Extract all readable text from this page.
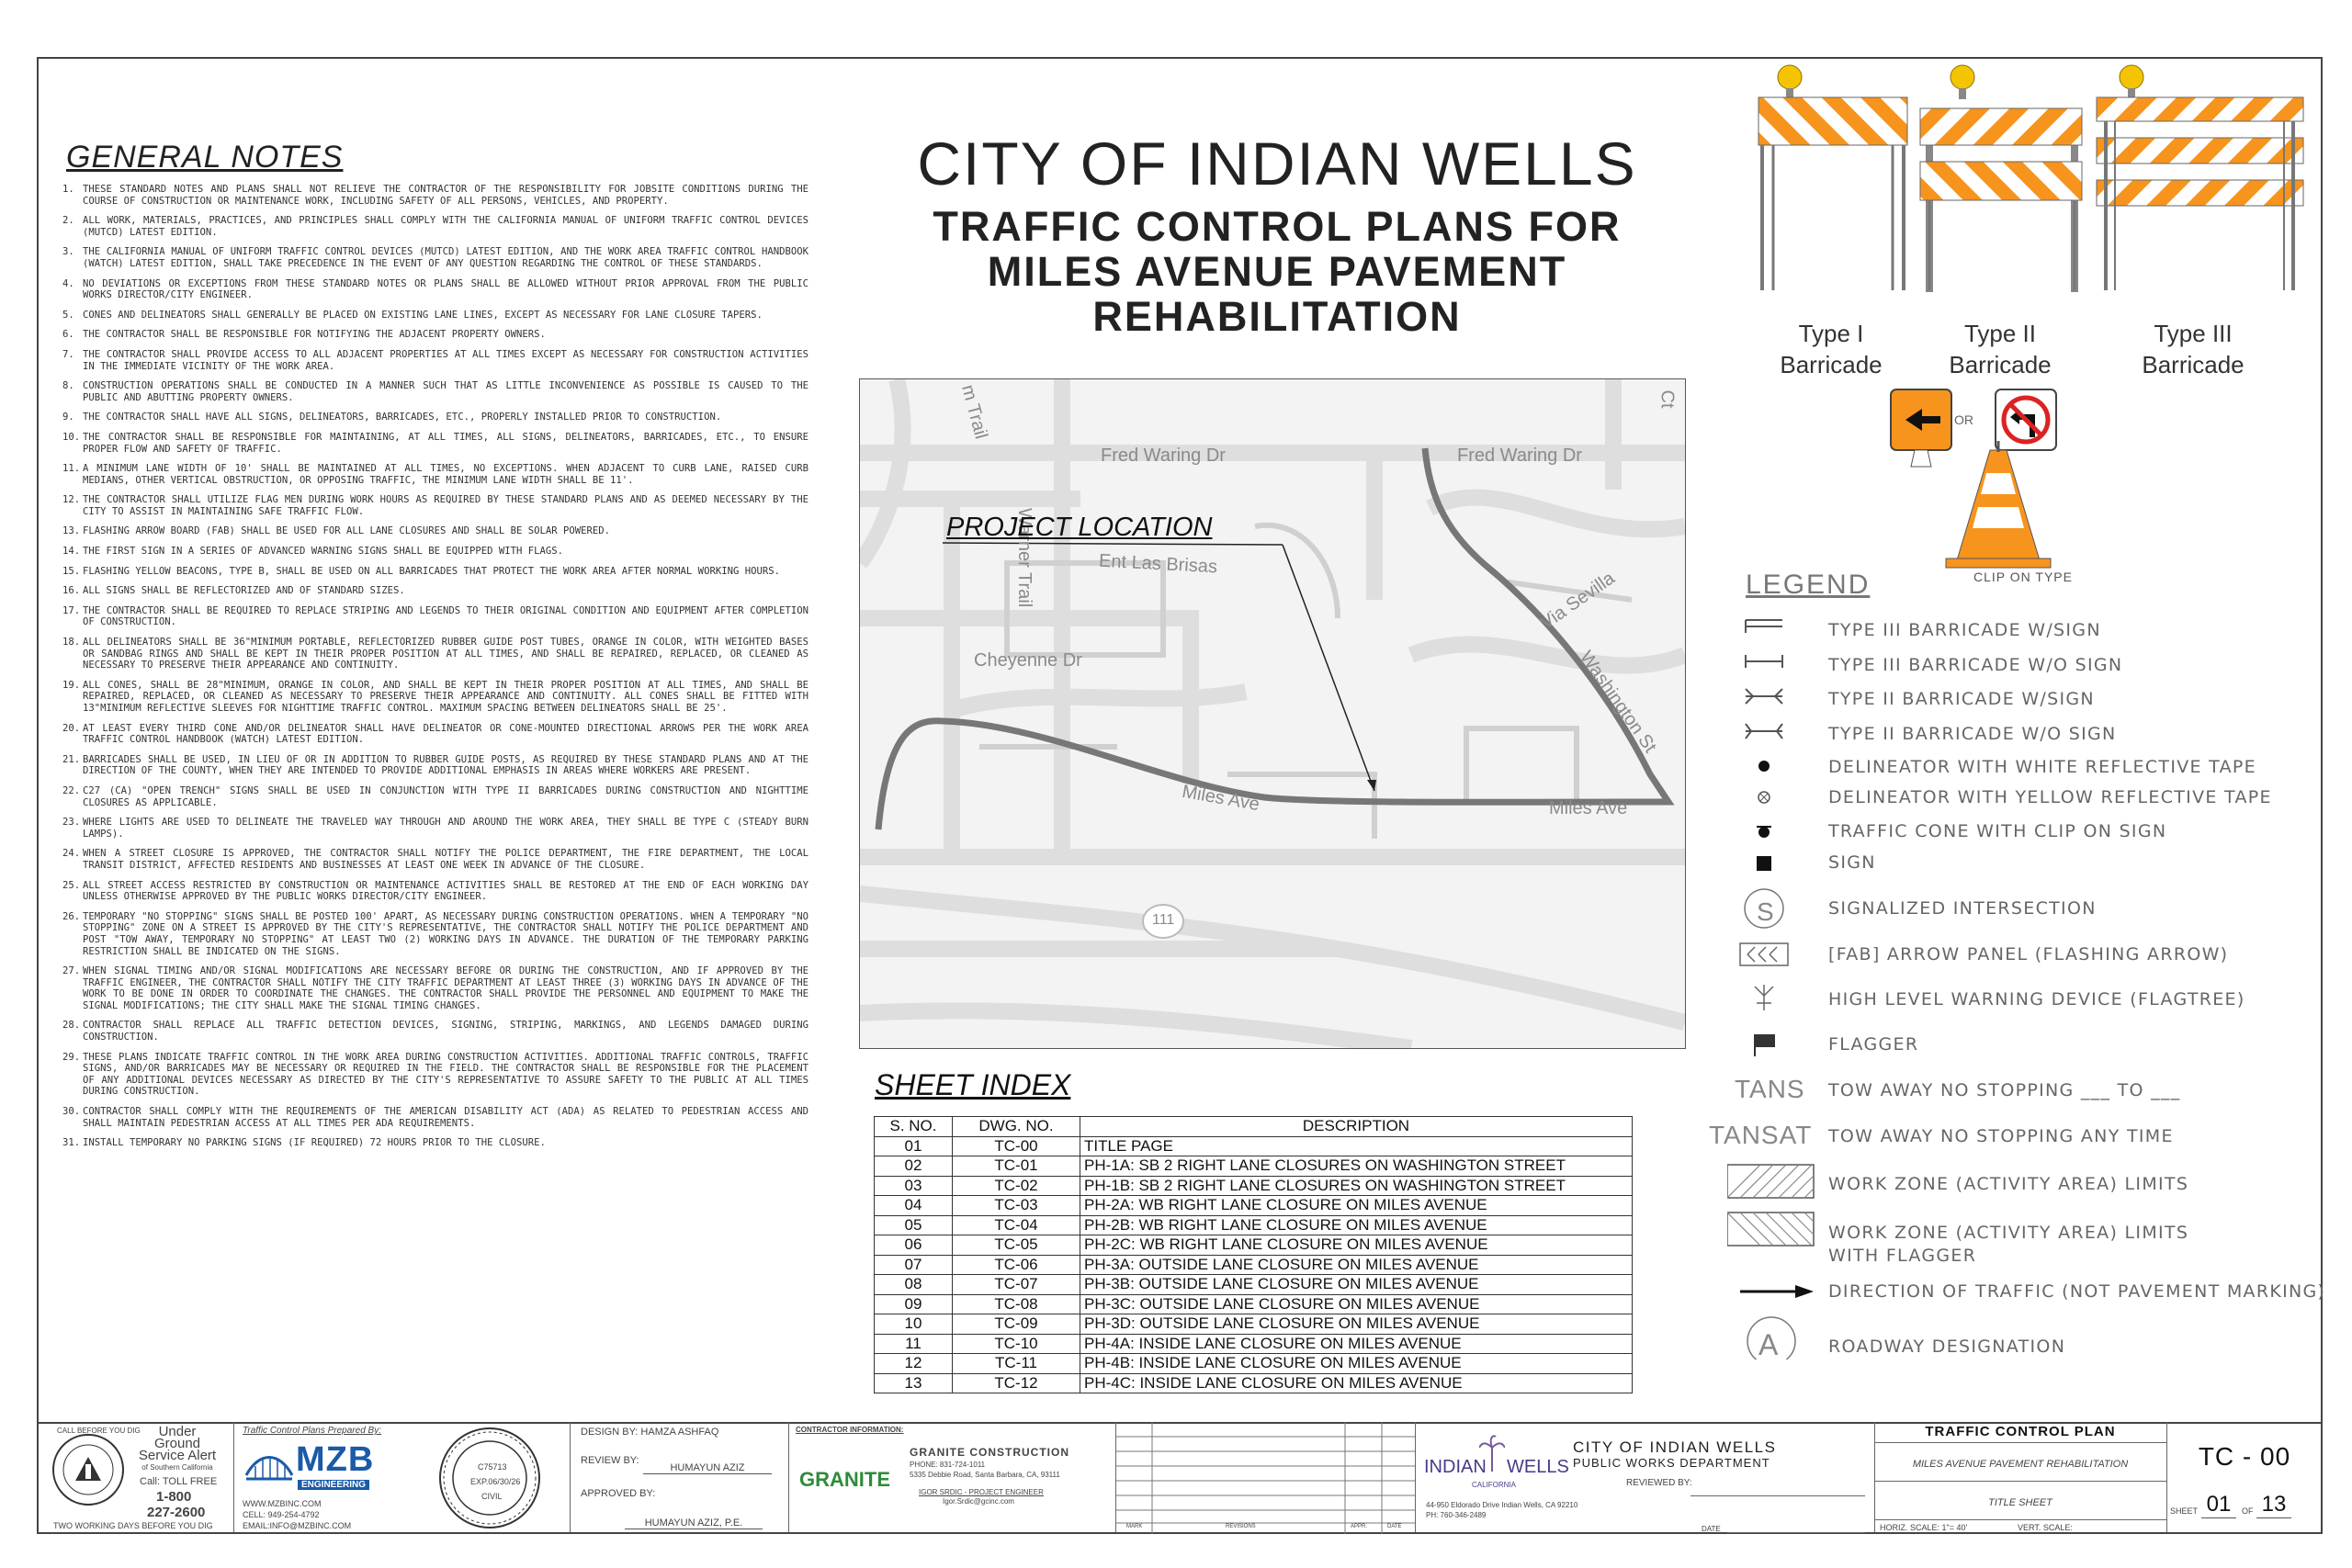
GENERAL NOTES
1. THESE STANDARD NOTES AND PLANS SHALL NOT RELIEVE THE CONTRACTOR OF THE RESPONSIBILITY FOR JOBSITE CONDITIONS DURING THE COURSE OF CONSTRUCTION OR MAINTENANCE WORK, INCLUDING SAFETY OF ALL PERSONS, VEHICLES, AND PROPERTY.
2. ALL WORK, MATERIALS, PRACTICES, AND PRINCIPLES SHALL COMPLY WITH THE CALIFORNIA MANUAL OF UNIFORM TRAFFIC CONTROL DEVICES (MUTCD) LATEST EDITION.
3. THE CALIFORNIA MANUAL OF UNIFORM TRAFFIC CONTROL DEVICES (MUTCD) LATEST EDITION, AND THE WORK AREA TRAFFIC CONTROL HANDBOOK (WATCH) LATEST EDITION, SHALL TAKE PRECEDENCE IN THE EVENT OF ANY QUESTION REGARDING THE CONTROL OF THESE STANDARDS.
4. NO DEVIATIONS OR EXCEPTIONS FROM THESE STANDARD NOTES OR PLANS SHALL BE ALLOWED WITHOUT PRIOR APPROVAL FROM THE PUBLIC WORKS DIRECTOR/CITY ENGINEER.
5. CONES AND DELINEATORS SHALL GENERALLY BE PLACED ON EXISTING LANE LINES, EXCEPT AS NECESSARY FOR LANE CLOSURE TAPERS.
6. THE CONTRACTOR SHALL BE RESPONSIBLE FOR NOTIFYING THE ADJACENT PROPERTY OWNERS.
7. THE CONTRACTOR SHALL PROVIDE ACCESS TO ALL ADJACENT PROPERTIES AT ALL TIMES EXCEPT AS NECESSARY FOR CONSTRUCTION ACTIVITIES IN THE IMMEDIATE VICINITY OF THE WORK AREA.
8. CONSTRUCTION OPERATIONS SHALL BE CONDUCTED IN A MANNER SUCH THAT AS LITTLE INCONVENIENCE AS POSSIBLE IS CAUSED TO THE PUBLIC AND ABUTTING PROPERTY OWNERS.
9. THE CONTRACTOR SHALL HAVE ALL SIGNS, DELINEATORS, BARRICADES, ETC., PROPERLY INSTALLED PRIOR TO CONSTRUCTION.
10. THE CONTRACTOR SHALL BE RESPONSIBLE FOR MAINTAINING, AT ALL TIMES, ALL SIGNS, DELINEATORS, BARRICADES, ETC., TO ENSURE PROPER FLOW AND SAFETY OF TRAFFIC.
11. A MINIMUM LANE WIDTH OF 10' SHALL BE MAINTAINED AT ALL TIMES, NO EXCEPTIONS. WHEN ADJACENT TO CURB LANE, RAISED CURB MEDIANS, OTHER VERTICAL OBSTRUCTION, OR OPPOSING TRAFFIC, THE MINIMUM LANE WIDTH SHALL BE 11'.
12. THE CONTRACTOR SHALL UTILIZE FLAG MEN DURING WORK HOURS AS REQUIRED BY THESE STANDARD PLANS AND AS DEEMED NECESSARY BY THE CITY TO ASSIST IN MAINTAINING SAFE TRAFFIC FLOW.
13. FLASHING ARROW BOARD (FAB) SHALL BE USED FOR ALL LANE CLOSURES AND SHALL BE SOLAR POWERED.
14. THE FIRST SIGN IN A SERIES OF ADVANCED WARNING SIGNS SHALL BE EQUIPPED WITH FLAGS.
15. FLASHING YELLOW BEACONS, TYPE B, SHALL BE USED ON ALL BARRICADES THAT PROTECT THE WORK AREA AFTER NORMAL WORKING HOURS.
16. ALL SIGNS SHALL BE REFLECTORIZED AND OF STANDARD SIZES.
17. THE CONTRACTOR SHALL BE REQUIRED TO REPLACE STRIPING AND LEGENDS TO THEIR ORIGINAL CONDITION AND EQUIPMENT AFTER COMPLETION OF CONSTRUCTION.
18. ALL DELINEATORS SHALL BE 36"MINIMUM PORTABLE, REFLECTORIZED RUBBER GUIDE POST TUBES, ORANGE IN COLOR, WITH WEIGHTED BASES OR SANDBAG RINGS AND SHALL BE KEPT IN THEIR PROPER POSITION AT ALL TIMES, AND SHALL BE REPAIRED, REPLACED, OR CLEANED AS NECESSARY TO PRESERVE THEIR APPEARANCE AND CONTINUITY.
19. ALL CONES, SHALL BE 28"MINIMUM, ORANGE IN COLOR, AND SHALL BE KEPT IN THEIR PROPER POSITION AT ALL TIMES, AND SHALL BE REPAIRED, REPLACED, OR CLEANED AS NECESSARY TO PRESERVE THEIR APPEARANCE AND CONTINUITY. ALL CONES SHALL BE FITTED WITH 13"MINIMUM REFLECTIVE SLEEVES FOR NIGHTTIME TRAFFIC CONTROL. MAXIMUM SPACING BETWEEN DELINEATORS SHALL BE 25'.
20. AT LEAST EVERY THIRD CONE AND/OR DELINEATOR SHALL HAVE DELINEATOR OR CONE-MOUNTED DIRECTIONAL ARROWS PER THE WORK AREA TRAFFIC CONTROL HANDBOOK (WATCH) LATEST EDITION.
21. BARRICADES SHALL BE USED, IN LIEU OF OR IN ADDITION TO RUBBER GUIDE POSTS, AS REQUIRED BY THESE STANDARD PLANS AND AT THE DIRECTION OF THE COUNTY, WHEN THEY ARE INTENDED TO PROVIDE ADDITIONAL EMPHASIS IN AREAS WHERE WORKERS ARE PRESENT.
22. C27 (CA) "OPEN TRENCH" SIGNS SHALL BE USED IN CONJUNCTION WITH TYPE II BARRICADES DURING CONSTRUCTION AND NIGHTTIME CLOSURES AS APPLICABLE.
23. WHERE LIGHTS ARE USED TO DELINEATE THE TRAVELED WAY THROUGH AND AROUND THE WORK AREA, THEY SHALL BE TYPE C (STEADY BURN LAMPS).
24. WHEN A STREET CLOSURE IS APPROVED, THE CONTRACTOR SHALL NOTIFY THE POLICE DEPARTMENT, THE FIRE DEPARTMENT, THE LOCAL TRANSIT DISTRICT, AFFECTED RESIDENTS AND BUSINESSES AT LEAST ONE WEEK IN ADVANCE OF THE CLOSURE.
25. ALL STREET ACCESS RESTRICTED BY CONSTRUCTION OR MAINTENANCE ACTIVITIES SHALL BE RESTORED AT THE END OF EACH WORKING DAY UNLESS OTHERWISE APPROVED BY THE PUBLIC WORKS DIRECTOR/CITY ENGINEER.
26. TEMPORARY "NO STOPPING" SIGNS SHALL BE POSTED 100' APART, AS NECESSARY DURING CONSTRUCTION OPERATIONS. WHEN A TEMPORARY "NO STOPPING" ZONE ON A STREET IS APPROVED BY THE CITY'S REPRESENTATIVE, THE CONTRACTOR SHALL NOTIFY THE POLICE DEPARTMENT AND POST "TOW AWAY, TEMPORARY NO STOPPING" AT LEAST TWO (2) WORKING DAYS IN ADVANCE. THE DURATION OF THE TEMPORARY PARKING RESTRICTION SHALL BE INDICATED ON THE SIGNS.
27. WHEN SIGNAL TIMING AND/OR SIGNAL MODIFICATIONS ARE NECESSARY BEFORE OR DURING THE CONSTRUCTION, AND IF APPROVED BY THE TRAFFIC ENGINEER, THE CONTRACTOR SHALL NOTIFY THE CITY TRAFFIC DEPARTMENT AT LEAST THREE (3) WORKING DAYS IN ADVANCE OF THE WORK TO BE DONE IN ORDER TO COORDINATE THE CHANGES. THE CONTRACTOR SHALL PROVIDE THE PERSONNEL AND EQUIPMENT TO MAKE THE SIGNAL MODIFICATIONS; THE CITY SHALL MAKE THE SIGNAL TIMING CHANGES.
28. CONTRACTOR SHALL REPLACE ALL TRAFFIC DETECTION DEVICES, SIGNING, STRIPING, MARKINGS, AND LEGENDS DAMAGED DURING CONSTRUCTION.
29. THESE PLANS INDICATE TRAFFIC CONTROL IN THE WORK AREA DURING CONSTRUCTION ACTIVITIES. ADDITIONAL TRAFFIC CONTROLS, TRAFFIC SIGNS, AND/OR BARRICADES MAY BE NECESSARY OR REQUIRED IN THE FIELD. THE CONTRACTOR SHALL BE RESPONSIBLE FOR THE PLACEMENT OF ANY ADDITIONAL DEVICES NECESSARY AS DIRECTED BY THE CITY'S REPRESENTATIVE TO ASSURE SAFETY TO THE PUBLIC AT ALL TIMES DURING CONSTRUCTION.
30. CONTRACTOR SHALL COMPLY WITH THE REQUIREMENTS OF THE AMERICAN DISABILITY ACT (ADA) AS RELATED TO PEDESTRIAN ACCESS AND SHALL MAINTAIN PEDESTRIAN ACCESS AT ALL TIMES PER ADA REQUIREMENTS.
31. INSTALL TEMPORARY NO PARKING SIGNS (IF REQUIRED) 72 HOURS PRIOR TO THE CLOSURE.
CITY OF INDIAN WELLS
TRAFFIC CONTROL PLANS FOR
MILES AVENUE PAVEMENT
REHABILITATION
m Trail
Fred Waring Dr	Fred Waring Dr
Warner Trail	Ent Las Brisas
Cheyenne Dr
Via Sevilla
Miles Ave	Miles Ave
Washington St
111
Ct
PROJECT LOCATION
SHEET INDEX
S. NO.	DWG. NO.	DESCRIPTION
01	TC-00	TITLE PAGE
02	TC-01	PH-1A: SB 2 RIGHT LANE CLOSURES ON WASHINGTON STREET
03	TC-02	PH-1B: SB 2 RIGHT LANE CLOSURES ON WASHINGTON STREET
04	TC-03	PH-2A: WB RIGHT LANE CLOSURE ON MILES AVENUE
05	TC-04	PH-2B: WB RIGHT LANE CLOSURE ON MILES AVENUE
06	TC-05	PH-2C: WB RIGHT LANE CLOSURE ON MILES AVENUE
07	TC-06	PH-3A: OUTSIDE LANE CLOSURE ON MILES AVENUE
08	TC-07	PH-3B: OUTSIDE LANE CLOSURE ON MILES AVENUE
09	TC-08	PH-3C: OUTSIDE LANE CLOSURE ON MILES AVENUE
10	TC-09	PH-3D: OUTSIDE LANE CLOSURE ON MILES AVENUE
11	TC-10	PH-4A: INSIDE LANE CLOSURE ON MILES AVENUE
12	TC-11	PH-4B: INSIDE LANE CLOSURE ON MILES AVENUE
13	TC-12	PH-4C: INSIDE LANE CLOSURE ON MILES AVENUE
Type I
Barricade
Type II
Barricade
Type III
Barricade
OR
CLIP ON TYPE
LEGEND
S
A
TANS
TANSAT
TYPE III BARRICADE W/SIGN
TYPE III BARRICADE W/O SIGN
TYPE II BARRICADE W/SIGN
TYPE II BARRICADE W/O SIGN
DELINEATOR WITH WHITE REFLECTIVE TAPE
DELINEATOR WITH YELLOW REFLECTIVE TAPE
TRAFFIC CONE WITH CLIP ON SIGN
SIGN
SIGNALIZED INTERSECTION
[FAB] ARROW PANEL (FLASHING ARROW)
HIGH LEVEL WARNING DEVICE (FLAGTREE)
FLAGGER
TOW AWAY NO STOPPING ___ TO ___
TOW AWAY NO STOPPING ANY TIME
WORK ZONE (ACTIVITY AREA) LIMITS
WORK ZONE (ACTIVITY AREA) LIMITS
WITH FLAGGER
DIRECTION OF TRAFFIC (NOT PAVEMENT MARKING)
ROADWAY DESIGNATION
CALL BEFORE YOU DIG	Under
Ground
Service Alert
of Southern California
Call: TOLL FREE
1-800
227-2600
TWO WORKING DAYS BEFORE YOU DIG
Traffic Control Plans Prepared By:
MZB
ENGINEERING
WWW.MZBINC.COM
CELL: 949-254-4792
EMAIL:INFO@MZBINC.COM
C75713
EXP.06/30/26
CIVIL
DESIGN BY: HAMZA ASHFAQ
REVIEW BY:
HUMAYUN AZIZ
APPROVED BY:
HUMAYUN AZIZ, P.E.
CONTRACTOR INFORMATION:
GRANITE CONSTRUCTION
PHONE: 831-724-1011
5335 Debbie Road, Santa Barbara, CA, 93111
GRANITE
IGOR SRDIC - PROJECT ENGINEER
Igor.Srdic@gcinc.com
MARK	REVISIONS	APPR.	DATE
INDIAN WELLS
CALIFORNIA
CITY OF INDIAN WELLS
PUBLIC WORKS DEPARTMENT
REVIEWED BY:
44-950 Eldorado Drive Indian Wells, CA 92210
PH: 760-346-2489
DATE
TRAFFIC CONTROL PLAN
MILES AVENUE PAVEMENT REHABILITATION
TITLE SHEET
HORIZ. SCALE: 1"= 40'	VERT. SCALE:
TC - 00
SHEET 01	OF 13
